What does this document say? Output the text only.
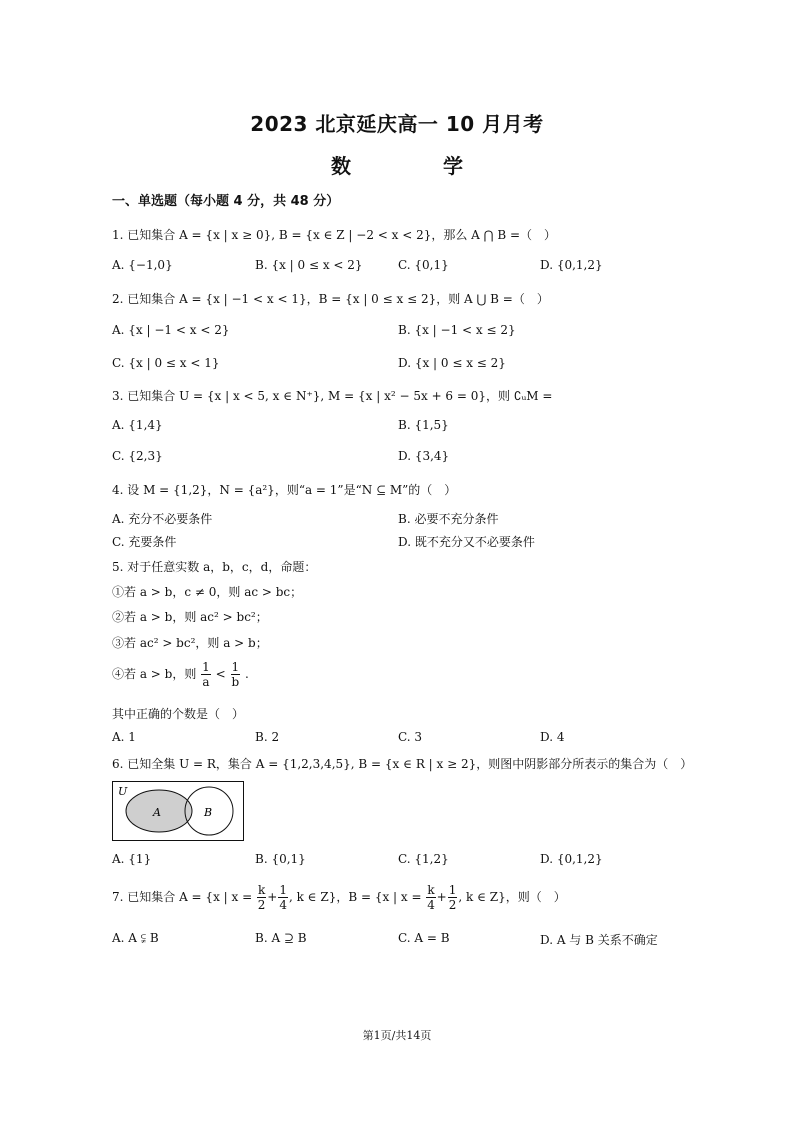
2023 北京延庆高一 10 月月考
数　学
一、单选题（每小题 4 分，共 48 分）
1. 已知集合 A = {x | x ≥ 0}, B = {x ∈ Z | −2 < x < 2}，那么 A ⋂ B =（　）
A. {−1,0}	B. {x | 0 ≤ x < 2}	C. {0,1}	D. {0,1,2}
2. 已知集合 A = {x | −1 < x < 1}，B = {x | 0 ≤ x ≤ 2}，则 A ⋃ B =（　）
A. {x | −1 < x < 2}	B. {x | −1 < x ≤ 2}
C. {x | 0 ≤ x < 1}	D. {x | 0 ≤ x ≤ 2}
3. 已知集合 U = {x | x < 5, x ∈ N⁺}, M = {x | x² − 5x + 6 = 0}，则 ∁ᵤM =
A. {1,4}	B. {1,5}
C. {2,3}	D. {3,4}
4. 设 M = {1,2}，N = {a²}，则“a = 1”是“N ⊆ M”的（　）
A. 充分不必要条件	B. 必要不充分条件
C. 充要条件	D. 既不充分又不必要条件
5. 对于任意实数 a，b，c，d，命题：
①若 a > b，c ≠ 0，则 ac > bc；
②若 a > b，则 ac² > bc²；
③若 ac² > bc²，则 a > b；
④若 a > b，则 $\frac{1}{a} < \frac{1}{b}$ .
其中正确的个数是（　）
A. 1	B. 2	C. 3	D. 4
6. 已知全集 U = R，集合 A = {1,2,3,4,5}, B = {x ∈ R | x ≥ 2}，则图中阴影部分所表示的集合为（　）
U
A	B
A. {1}	B. {0,1}	C. {1,2}	D. {0,1,2}
7. 已知集合 A = {x | $x = \frac{k}{2} + \frac{1}{4}$ , k ∈ Z}，B = {x | $x = \frac{k}{4} + \frac{1}{2}$ , k ∈ Z}，则（　）
A. A ⫋ B	B. A ⊇ B	C. A = B	D. A 与 B 关系不确定
第1页/共14页
